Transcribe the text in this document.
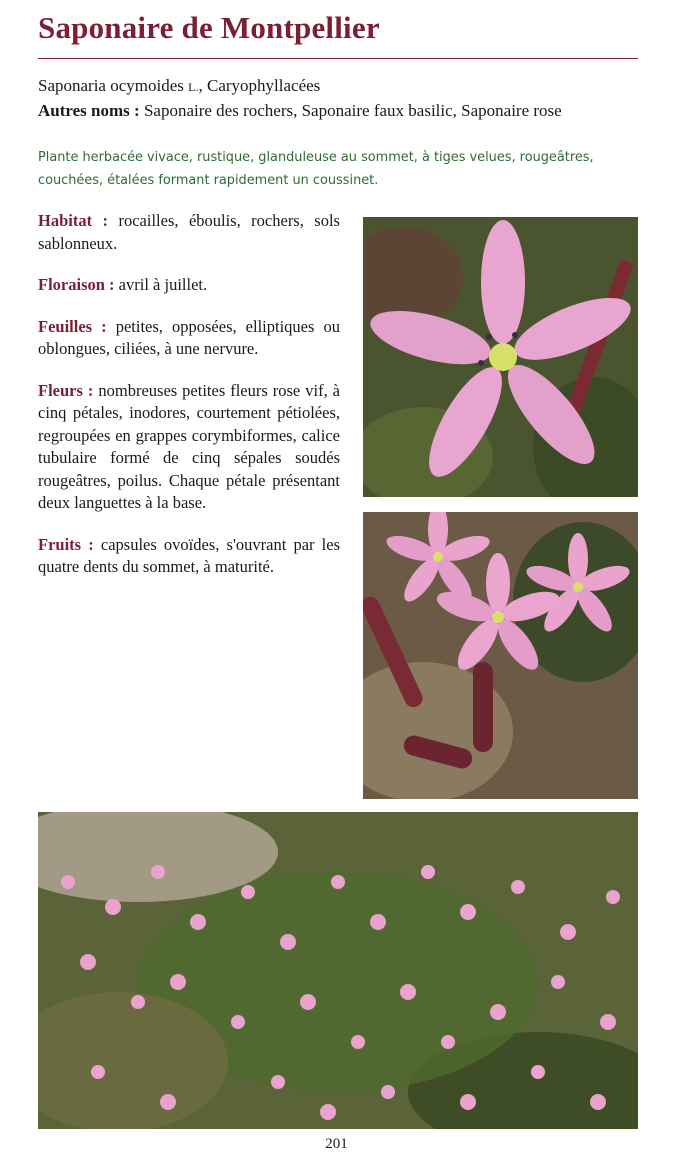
Saponaire de Montpellier
Saponaria ocymoides L., Caryophyllacées
Autres noms : Saponaire des rochers, Saponaire faux basilic, Saponaire rose
Plante herbacée vivace, rustique, glanduleuse au sommet, à tiges velues, rougeâtres, couchées, étalées formant rapidement un coussinet.

Habitat : rocailles, éboulis, rochers, sols sablonneux.

Floraison : avril à juillet.

Feuilles : petites, opposées, elliptiques ou oblongues, ciliées, à une nervure.

Fleurs : nombreuses petites fleurs rose vif, à cinq pétales, inodores, courtement pétiolées, regroupées en grappes corymbiformes, calice tubulaire formé de cinq sépales soudés rougeâtres, poilus. Chaque pétale présentant deux languettes à la base.

Fruits : capsules ovoïdes, s'ouvrant par les quatre dents du sommet, à maturité.

201
